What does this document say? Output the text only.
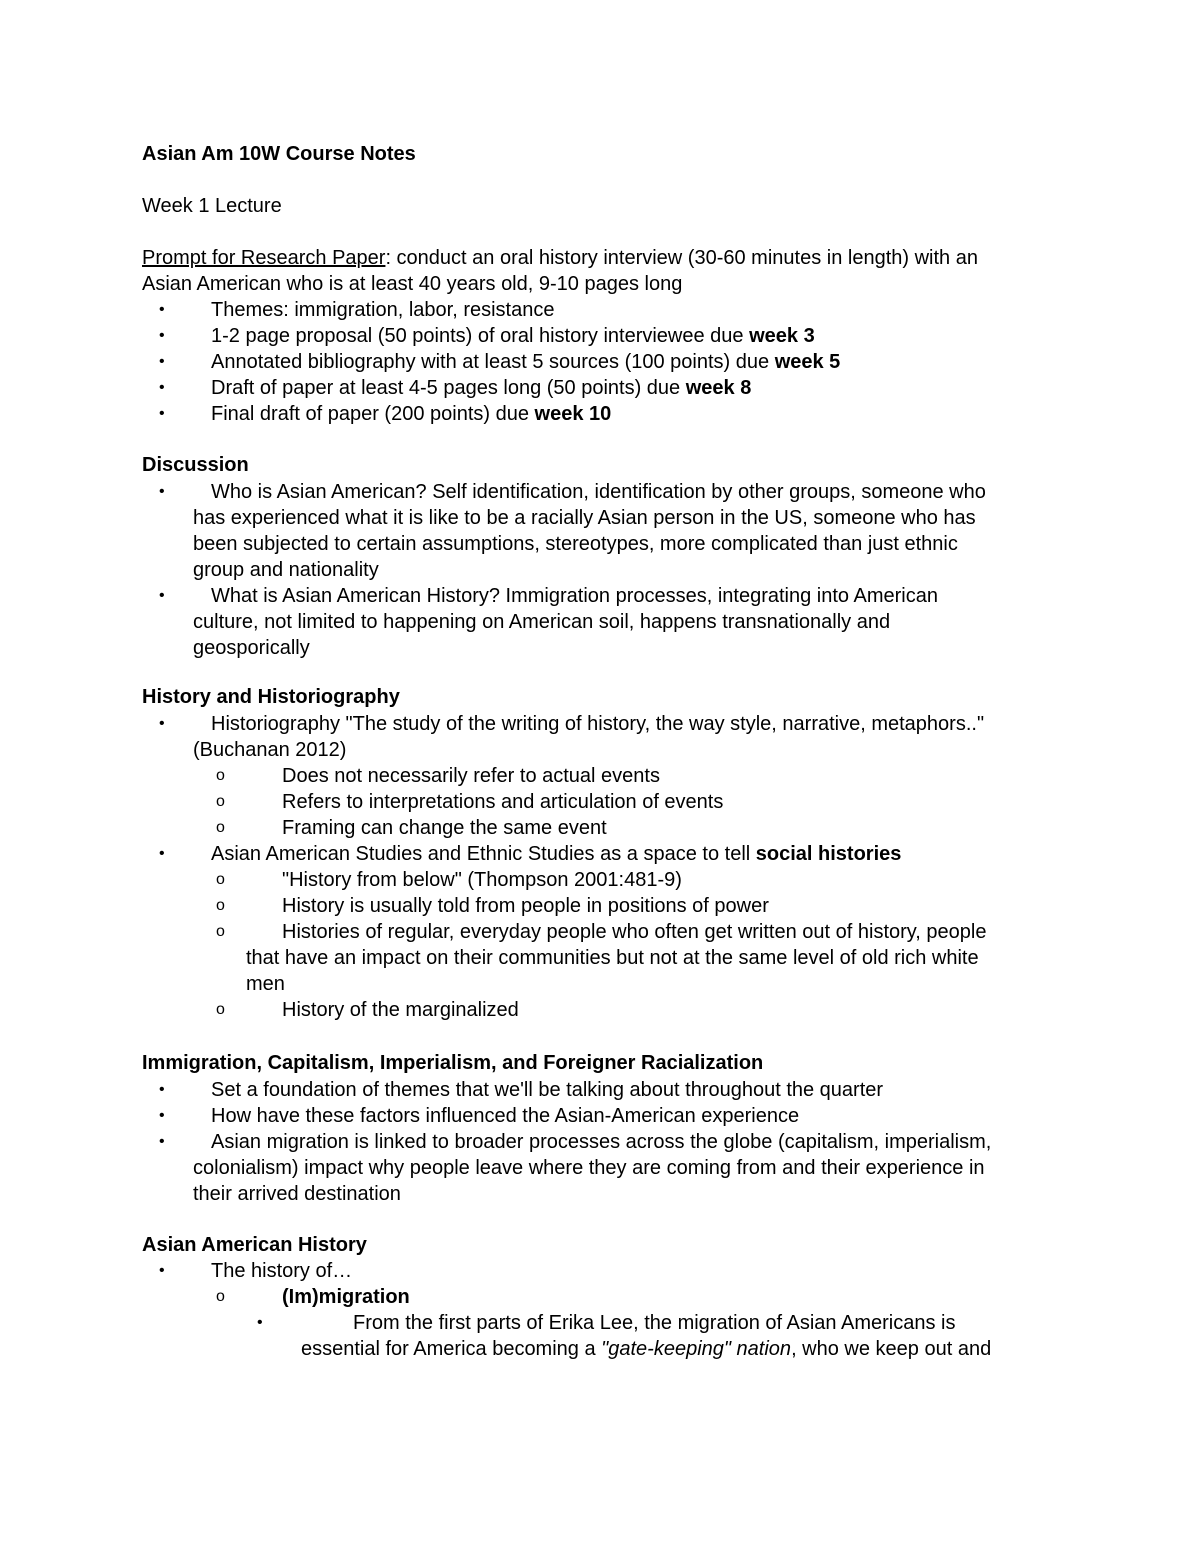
Asian Am 10W Course Notes
Week 1 Lecture
Prompt for Research Paper: conduct an oral history interview (30-60 minutes in length) with an
Asian American who is at least 40 years old, 9-10 pages long
• Themes: immigration, labor, resistance
• 1-2 page proposal (50 points) of oral history interviewee due week 3
• Annotated bibliography with at least 5 sources (100 points) due week 5
• Draft of paper at least 4-5 pages long (50 points) due week 8
• Final draft of paper (200 points) due week 10
Discussion
• Who is Asian American? Self identification, identification by other groups, someone who
has experienced what it is like to be a racially Asian person in the US, someone who has
been subjected to certain assumptions, stereotypes, more complicated than just ethnic
group and nationality
• What is Asian American History? Immigration processes, integrating into American
culture, not limited to happening on American soil, happens transnationally and
geosporically
History and Historiography
• Historiography "The study of the writing of history, the way style, narrative, metaphors.."
(Buchanan 2012)
o	Does not necessarily refer to actual events
o	Refers to interpretations and articulation of events
o	Framing can change the same event
• Asian American Studies and Ethnic Studies as a space to tell social histories
o	"History from below" (Thompson 2001:481-9)
o	History is usually told from people in positions of power
o	Histories of regular, everyday people who often get written out of history, people
that have an impact on their communities but not at the same level of old rich white
men
o	History of the marginalized
Immigration, Capitalism, Imperialism, and Foreigner Racialization
• Set a foundation of themes that we'll be talking about throughout the quarter
• How have these factors influenced the Asian-American experience
• Asian migration is linked to broader processes across the globe (capitalism, imperialism,
colonialism) impact why people leave where they are coming from and their experience in
their arrived destination
Asian American History
• The history of…
o	(Im)migration
•	From the first parts of Erika Lee, the migration of Asian Americans is
essential for America becoming a "gate-keeping" nation, who we keep out and
